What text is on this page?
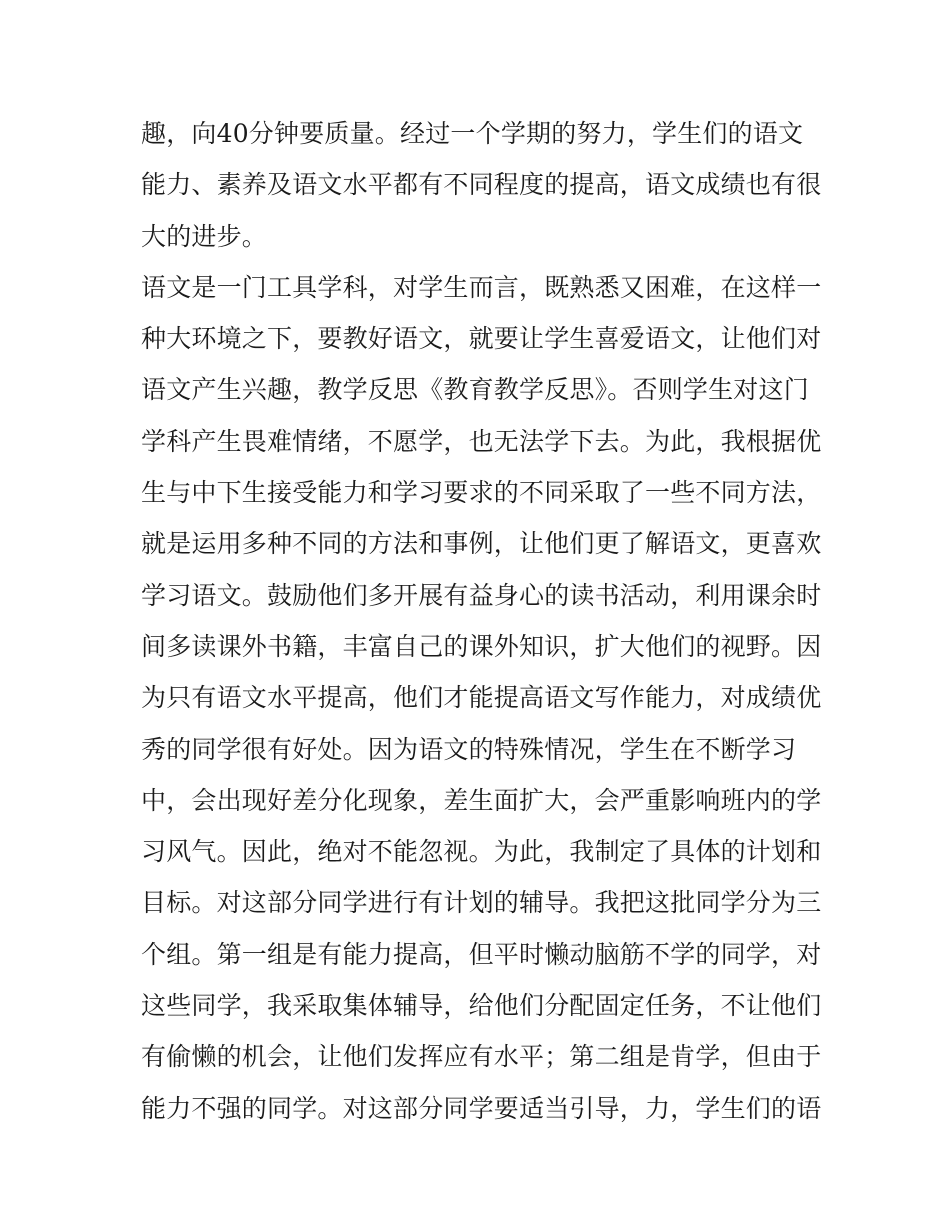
趣，向40分钟要质量。经过一个学期的努力，学生们的语文
能力、素养及语文水平都有不同程度的提高，语文成绩也有很
大的进步。
语文是一门工具学科，对学生而言，既熟悉又困难，在这样一
种大环境之下，要教好语文，就要让学生喜爱语文，让他们对
语文产生兴趣，教学反思《教育教学反思》。否则学生对这门
学科产生畏难情绪，不愿学，也无法学下去。为此，我根据优
生与中下生接受能力和学习要求的不同采取了一些不同方法，
就是运用多种不同的方法和事例，让他们更了解语文，更喜欢
学习语文。鼓励他们多开展有益身心的读书活动，利用课余时
间多读课外书籍，丰富自己的课外知识，扩大他们的视野。因
为只有语文水平提高，他们才能提高语文写作能力，对成绩优
秀的同学很有好处。因为语文的特殊情况，学生在不断学习
中，会出现好差分化现象，差生面扩大，会严重影响班内的学
习风气。因此，绝对不能忽视。为此，我制定了具体的计划和
目标。对这部分同学进行有计划的辅导。我把这批同学分为三
个组。第一组是有能力提高，但平时懒动脑筋不学的同学，对
这些同学，我采取集体辅导，给他们分配固定任务，不让他们
有偷懒的机会，让他们发挥应有水平；第二组是肯学，但由于
能力不强的同学。对这部分同学要适当引导，力，学生们的语
